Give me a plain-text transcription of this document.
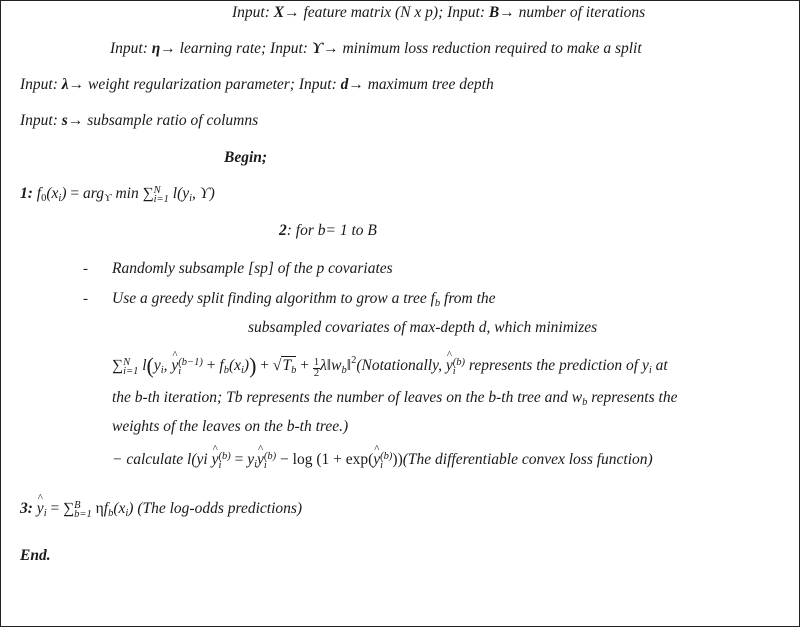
Input: X→ feature matrix (N x p); Input: B→ number of iterations
Input: η→ learning rate; Input: ϒ→ minimum loss reduction required to make a split
Input: λ→ weight regularization parameter; Input: d→ maximum tree depth
Input: s→ subsample ratio of columns
Begin;
1: $f_0(x_i) = arg_ϒ$ min ∑ N
i=1 $l(y_i$, ϒ)
2: for b= 1 to B
- Randomly subsample [sp] of the p covariates
- Use a greedy split finding algorithm to grow a tree $f_b$ from the
subsampled covariates of max-depth d, which minimizes
∑ N
i=1 $l(y_i$, ^ y (b−1)
i	+ $f_b(x_i)) + √T_b + \frac{1}{2}$ $\lambda‖w_b‖^2(Notationally$, ^ y (b)
i represents the prediction of $y_i$ at
the b-th iteration; Tb represents the number of leaves on the b-th tree and $w_b$ represents the
weights of the leaves on the b-th tree.)
− calculate l(yi ^ y (b)
$i = y_i\^{}$ y (b)
i − log (1 + exp(^ y (b)
i ))(The differentiable convex loss function)
3: ^ $y_i$ = ∑ B
b=1 $\eta f_b(x_i)$ (The log-odds predictions)
End.
